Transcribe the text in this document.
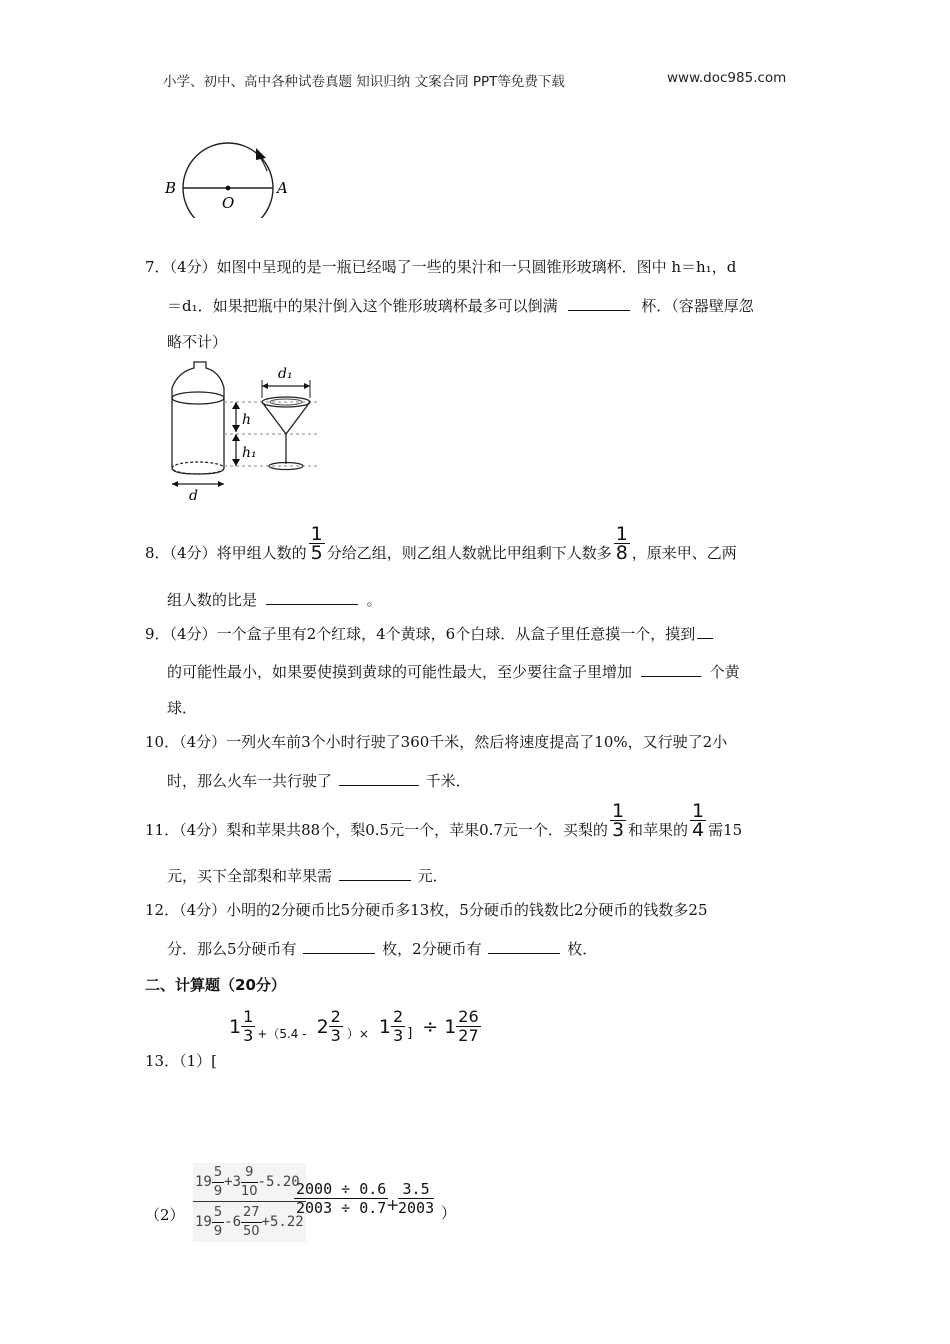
小学、初中、高中各种试卷真题 知识归纳 文案合同 PPT等免费下载	www.doc985.com
B
O
A
7．（4分）如图中呈现的是一瓶已经喝了一些的果汁和一只圆锥形玻璃杯．图中 h＝h₁，d
＝d₁．如果把瓶中的果汁倒入这个锥形玻璃杯最多可以倒满	杯．（容器壁厚忽
略不计）
d
h
h₁
d₁
8．（4分）将甲组人数的 $\frac{1}{5}$ 分给乙组，则乙组人数就比甲组剩下人数多 $\frac{1}{8}$ ，原来甲、乙两
组人数的比是	。
9．（4分）一个盒子里有2个红球，4个黄球，6个白球．从盒子里任意摸一个，摸到
的可能性最小，如果要使摸到黄球的可能性最大，至少要往盒子里增加	个黄
球．
10．（4分）一列火车前3个小时行驶了360千米，然后将速度提高了10%，又行驶了2小
时，那么火车一共行驶了	千米．
11．（4分）梨和苹果共88个，梨0.5元一个，苹果0.7元一个．买梨的 $\frac{1}{3}$ 和苹果的 $\frac{1}{4}$ 需15
元，买下全部梨和苹果需	元．
12．（4分）小明的2分硬币比5分硬币多13枚，5分硬币的钱数比2分硬币的钱数多25
分．那么5分硬币有	枚，2分硬币有	枚．
二、计算题（20分）
$1 \frac{1}{3} +(5.4 - 2 \frac{2}{3}$ ）× $1 \frac{2}{3}$ ] ÷ $1 \frac{26}{27}$
13．（1）[
（2）
$19 \frac{5}{9} +3 \frac{9}{10} -5.20$
$19 \frac{5}{9} -6 \frac{27}{50} +5.22$
$\frac{2000 \div 0.6}{2003 \div 0.7}$
+
$\frac{3.5}{2003}$ ）
